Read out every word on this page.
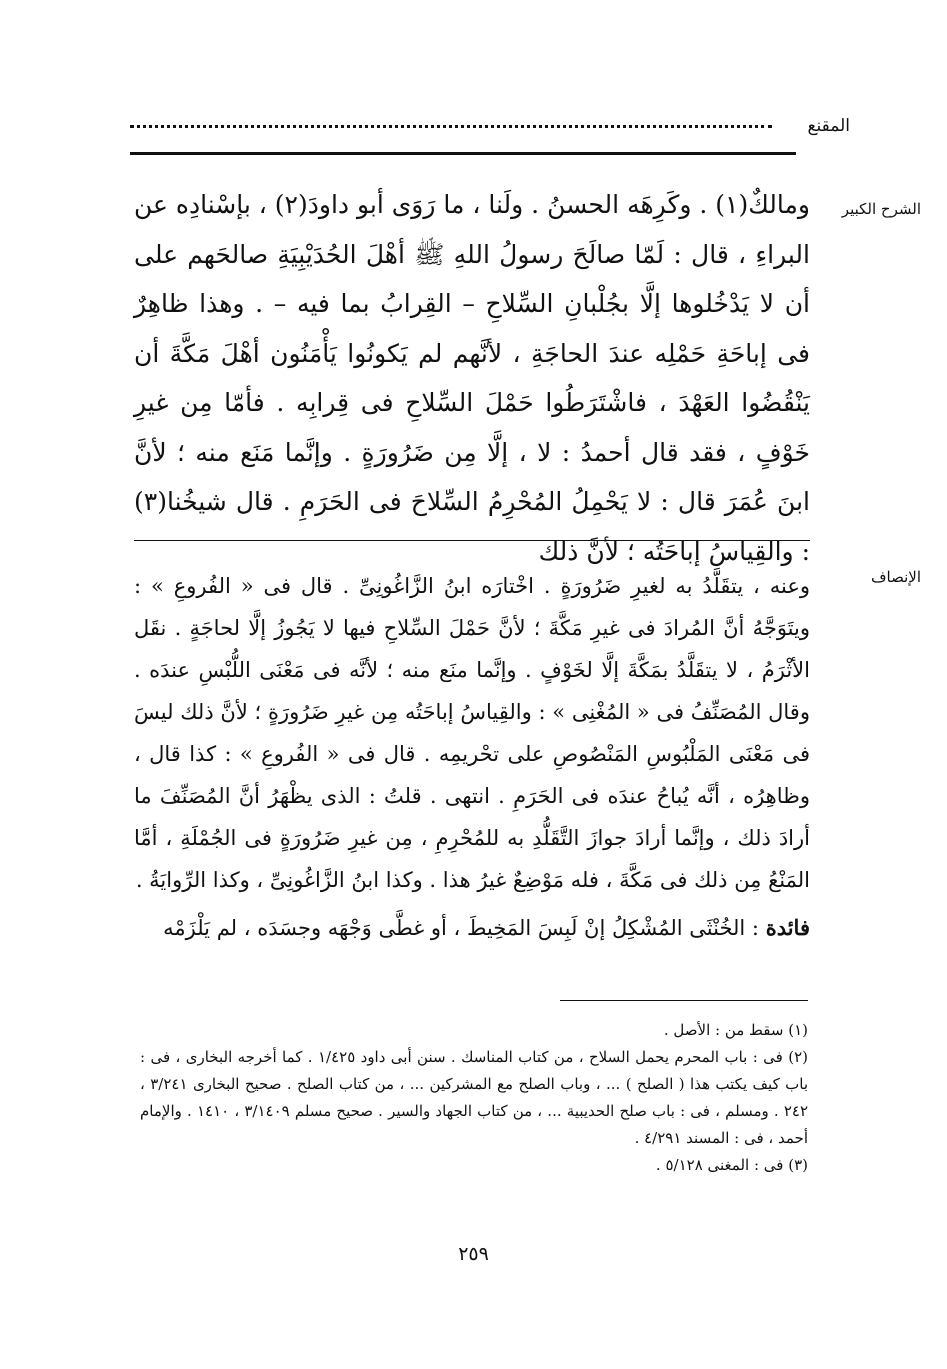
المقنع
الشرح الكبير

ومالكٌ(١) . وكَرِهَه الحسنُ . ولَنا ، ما رَوَى أبو داودَ(٢) ، بإسْنادِه عن البراءِ ، قال : لَمّا صالَحَ رسولُ اللهِ ﷺ أهْلَ الحُدَيْبِيَةِ صالحَهم على أن لا يَدْخُلوها إلَّا بجُلْبانِ السِّلاحِ – القِرابُ بما فيه – . وهذا ظاهِرٌ فى إباحَةِ حَمْلِه عندَ الحاجَةِ ، لأنَّهم لم يَكونُوا يَأْمَنُون أهْلَ مَكَّةَ أن يَنْقُضُوا العَهْدَ ، فاشْتَرَطُوا حَمْلَ السِّلاحِ فى قِرابِه . فأمّا مِن غيرِ خَوْفٍ ، فقد قال أحمدُ : لا ، إلَّا مِن ضَرُورَةٍ . وإنَّما مَنَع منه ؛ لأنَّ ابنَ عُمَرَ قال : لا يَحْمِلُ المُحْرِمُ السِّلاحَ فى الحَرَمِ . قال شيخُنا(٣) : والقِياسُ إباحَتُه ؛ لأنَّ ذلك

الإنصاف

وعنه ، يتقَلَّدُ به لغيرِ ضَرُورَةٍ . اخْتارَه ابنُ الزَّاغُونِىِّ . قال فى « الفُروعِ » : ويتَوَجَّهُ أنَّ المُرادَ فى غيرِ مَكَّةَ ؛ لأنَّ حَمْلَ السِّلاحِ فيها لا يَجُوزُ إلَّا لحاجَةٍ . نقَل الأثْرَمُ ، لا يتقَلَّدُ بمَكَّةَ إلَّا لخَوْفٍ . وإنَّما منَع منه ؛ لأنَّه فى مَعْنَى اللُّبْسِ عندَه . وقال المُصَنِّفُ فى « المُغْنِى » : والقِياسُ إباحَتُه مِن غيرِ ضَرُورَةٍ ؛ لأنَّ ذلك ليسَ فى مَعْنَى المَلْبُوسِ المَنْصُوصِ على تحْريمِه . قال فى « الفُروعِ » : كذا قال ، وظاهِرُه ، أنَّه يُباحُ عندَه فى الحَرَمِ . انتهى . قلتُ : الذى يظْهَرُ أنَّ المُصَنِّفَ ما أرادَ ذلك ، وإنَّما أرادَ جوازَ التَّقَلُّدِ به للمُحْرِمِ ، مِن غيرِ ضَرُورَةٍ فى الجُمْلَةِ ، أمَّا المَنْعُ مِن ذلك فى مَكَّةَ ، فله مَوْضِعٌ غيرُ هذا . وكذا ابنُ الزَّاغُونِىِّ ، وكذا الرِّوايَةُ .

فائدة : الخُنْثَى المُشْكِلُ إنْ لَبِسَ المَخِيطَ ، أو غطَّى وَجْهَه وجسَدَه ، لم يَلْزَمْه

(١) سقط من : الأصل .

(٢) فى : باب المحرم يحمل السلاح ، من كتاب المناسك . سنن أبى داود ١/٤٢٥ . كما أخرجه البخارى ، فى : باب كيف يكتب هذا ( الصلح ) ... ، وباب الصلح مع المشركين ... ، من كتاب الصلح . صحيح البخارى ٣/٢٤١ ، ٢٤٢ . ومسلم ، فى : باب صلح الحديبية ... ، من كتاب الجهاد والسير . صحيح مسلم ٣/١٤٠٩ ، ١٤١٠ . والإمام أحمد ، فى : المسند ٤/٢٩١ .

(٣) فى : المغنى ٥/١٢٨ .

٢٥٩
